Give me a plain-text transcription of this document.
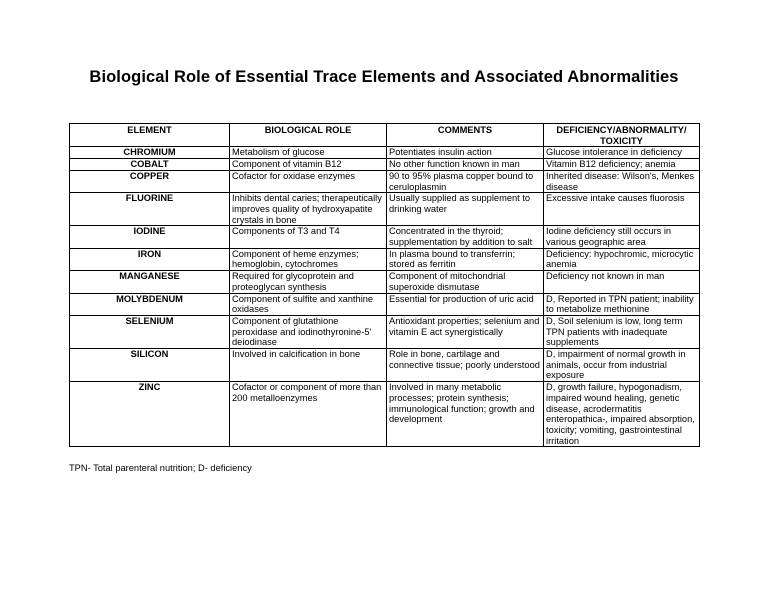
Biological Role of Essential Trace Elements and Associated Abnormalities
ELEMENT	BIOLOGICAL ROLE	COMMENTS	DEFICIENCY/ABNORMALITY/ TOXICITY
CHROMIUM	Metabolism of glucose	Potentiates insulin action	Glucose intolerance in deficiency
COBALT	Component of vitamin B12	No other function known in man	Vitamin B12 deficiency; anemia
COPPER	Cofactor for oxidase enzymes	90 to 95% plasma copper bound to ceruloplasmin	Inherited disease: Wilson's, Menkes disease
FLUORINE	Inhibits dental caries; therapeutically improves quality of hydroxyapatite crystals in bone	Usually supplied as supplement to drinking water	Excessive intake causes fluorosis
IODINE	Components of T3 and T4	Concentrated in the thyroid; supplementation by addition to salt	Iodine deficiency still occurs in various geographic area
IRON	Component of heme enzymes; hemoglobin, cytochromes	In plasma bound to transferrin; stored as ferritin	Deficiency: hypochromic, microcytic anemia
MANGANESE	Required for glycoprotein and proteoglycan synthesis	Component of mitochondrial superoxide dismutase	Deficiency not known in man
MOLYBDENUM	Component of sulfite and xanthine oxidases	Essential for production of uric acid	D, Reported in TPN patient; inability to metabolize methionine
SELENIUM	Component of glutathione peroxidase and iodinothyronine-5' deiodinase	Antioxidant properties; selenium and vitamin E act synergistically	D, Soil selenium is low, long term TPN patients with inadequate supplements
SILICON	Involved in calcification in bone	Role in bone, cartilage and connective tissue; poorly understood	D, impairment of normal growth in animals, occur from industrial exposure
ZINC	Cofactor or component of more than 200 metalloenzymes	Involved in many metabolic processes; protein synthesis; immunological function; growth and development	D, growth failure, hypogonadism, impaired wound healing, genetic disease, acrodermatitis enteropathica-, impaired absorption, toxicity; vomiting, gastrointestinal irritation
TPN- Total parenteral nutrition; D- deficiency
